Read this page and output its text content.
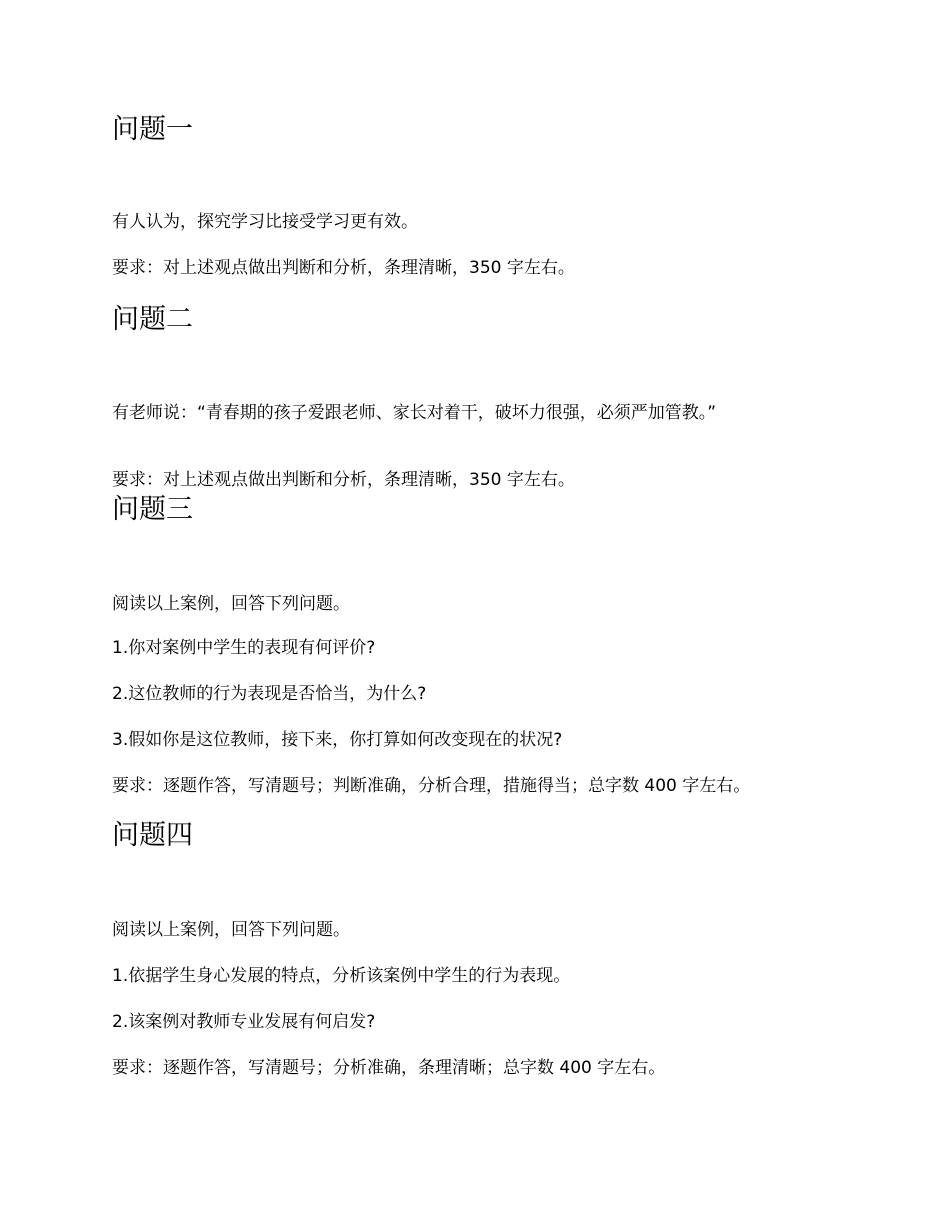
问题一
有人认为，探究学习比接受学习更有效。
要求：对上述观点做出判断和分析，条理清晰，350 字左右。
问题二
有老师说：“青春期的孩子爱跟老师、家长对着干，破坏力很强，必须严加管教。”
要求：对上述观点做出判断和分析，条理清晰，350 字左右。
问题三
阅读以上案例，回答下列问题。
1.你对案例中学生的表现有何评价?
2.这位教师的行为表现是否恰当，为什么?
3.假如你是这位教师，接下来，你打算如何改变现在的状况?
要求：逐题作答，写清题号；判断准确，分析合理，措施得当；总字数 400 字左右。
问题四
阅读以上案例，回答下列问题。
1.依据学生身心发展的特点，分析该案例中学生的行为表现。
2.该案例对教师专业发展有何启发?
要求：逐题作答，写清题号；分析准确，条理清晰；总字数 400 字左右。
